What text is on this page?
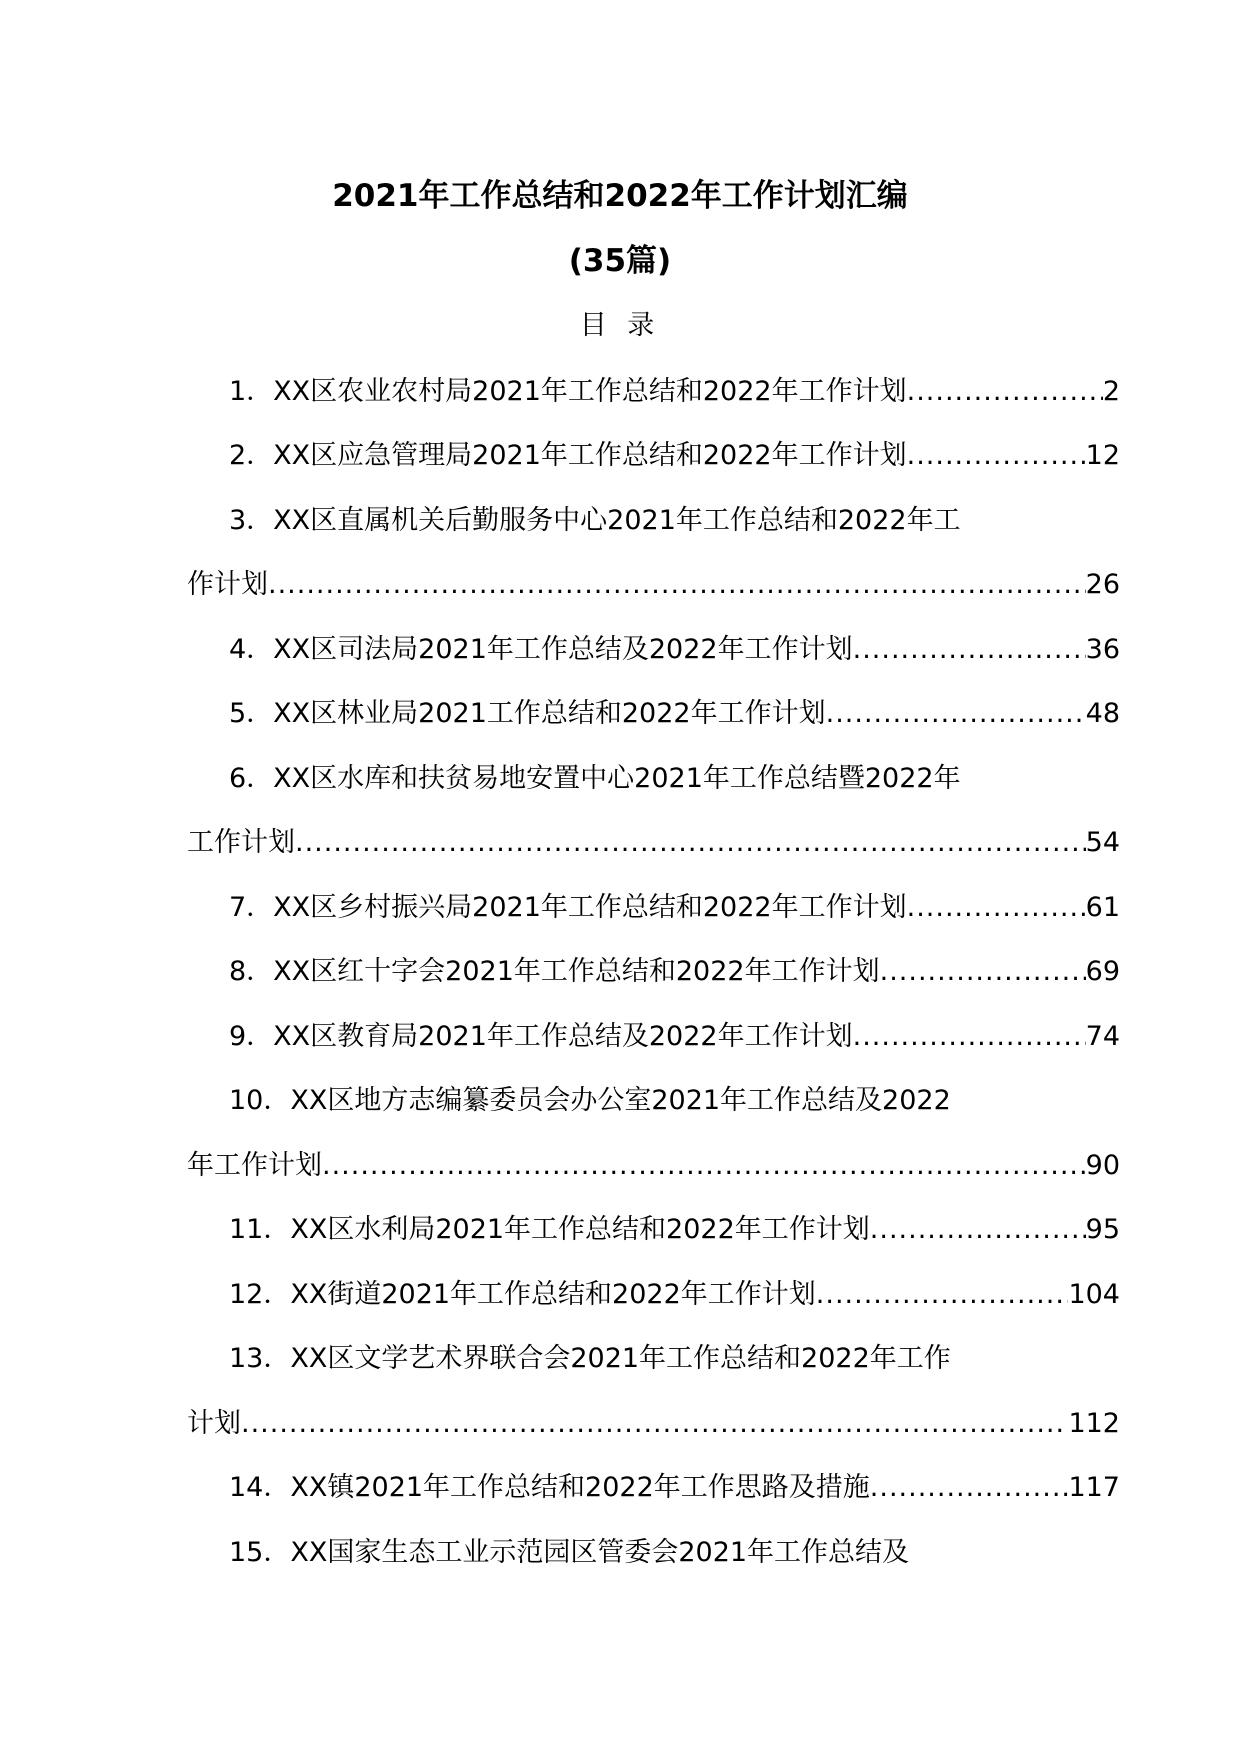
2021年工作总结和2022年工作计划汇编
(35篇)
目 录
1．XX区农业农村局2021年工作总结和2022年工作计划 .....	2
2．XX区应急管理局2021年工作总结和2022年工作计划 .....	12
3．XX区直属机关后勤服务中心2021年工作总结和2022年工
作计划 .....	26
4．XX区司法局2021年工作总结及2022年工作计划 .....	36
5．XX区林业局2021工作总结和2022年工作计划 .....	48
6．XX区水库和扶贫易地安置中心2021年工作总结暨2022年
工作计划 .....	54
7．XX区乡村振兴局2021年工作总结和2022年工作计划 .....	61
8．XX区红十字会2021年工作总结和2022年工作计划 .....	69
9．XX区教育局2021年工作总结及2022年工作计划 .....	74
10．XX区地方志编纂委员会办公室2021年工作总结及2022
年工作计划 .....	90
11．XX区水利局2021年工作总结和2022年工作计划 .....	95
12．XX街道2021年工作总结和2022年工作计划 .....	104
13．XX区文学艺术界联合会2021年工作总结和2022年工作
计划 .....	112
14．XX镇2021年工作总结和2022年工作思路及措施 .....	117
15．XX国家生态工业示范园区管委会2021年工作总结及
